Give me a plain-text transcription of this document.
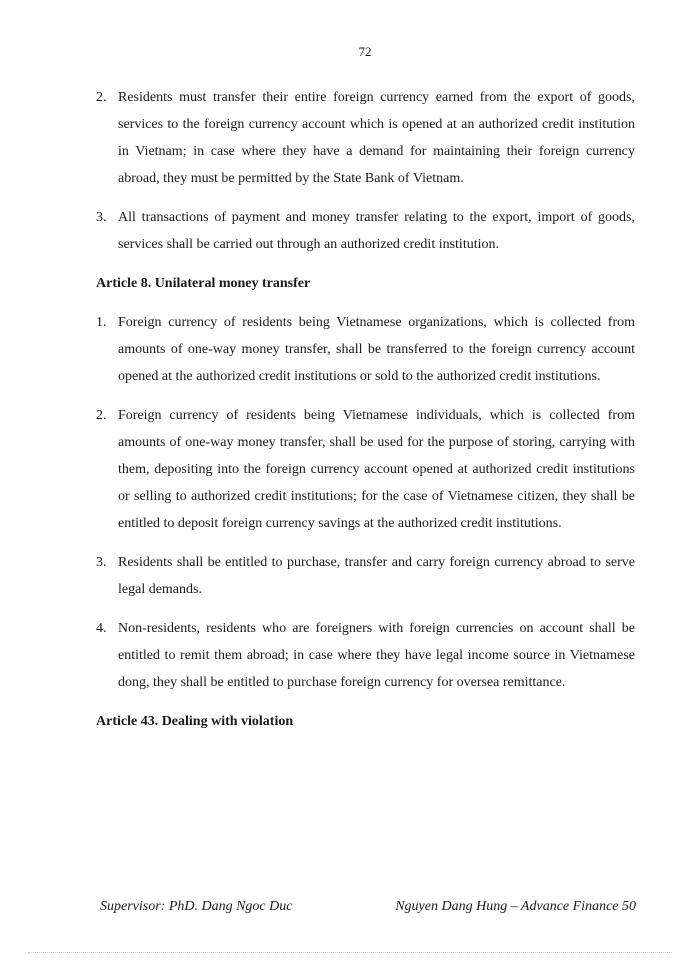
72
2. Residents must transfer their entire foreign currency earned from the export of goods, services to the foreign currency account which is opened at an authorized credit institution in Vietnam; in case where they have a demand for maintaining their foreign currency abroad, they must be permitted by the State Bank of Vietnam.
3. All transactions of payment and money transfer relating to the export, import of goods, services shall be carried out through an authorized credit institution.

Article 8. Unilateral money transfer

1. Foreign currency of residents being Vietnamese organizations, which is collected from amounts of one-way money transfer, shall be transferred to the foreign currency account opened at the authorized credit institutions or sold to the authorized credit institutions.
2. Foreign currency of residents being Vietnamese individuals, which is collected from amounts of one-way money transfer, shall be used for the purpose of storing, carrying with them, depositing into the foreign currency account opened at authorized credit institutions or selling to authorized credit institutions; for the case of Vietnamese citizen, they shall be entitled to deposit foreign currency savings at the authorized credit institutions.
3. Residents shall be entitled to purchase, transfer and carry foreign currency abroad to serve legal demands.
4. Non-residents, residents who are foreigners with foreign currencies on account shall be entitled to remit them abroad; in case where they have legal income source in Vietnamese dong, they shall be entitled to purchase foreign currency for oversea remittance.

Article 43. Dealing with violation

Supervisor: PhD. Dang Ngoc Duc	Nguyen Dang Hung – Advance Finance 50
